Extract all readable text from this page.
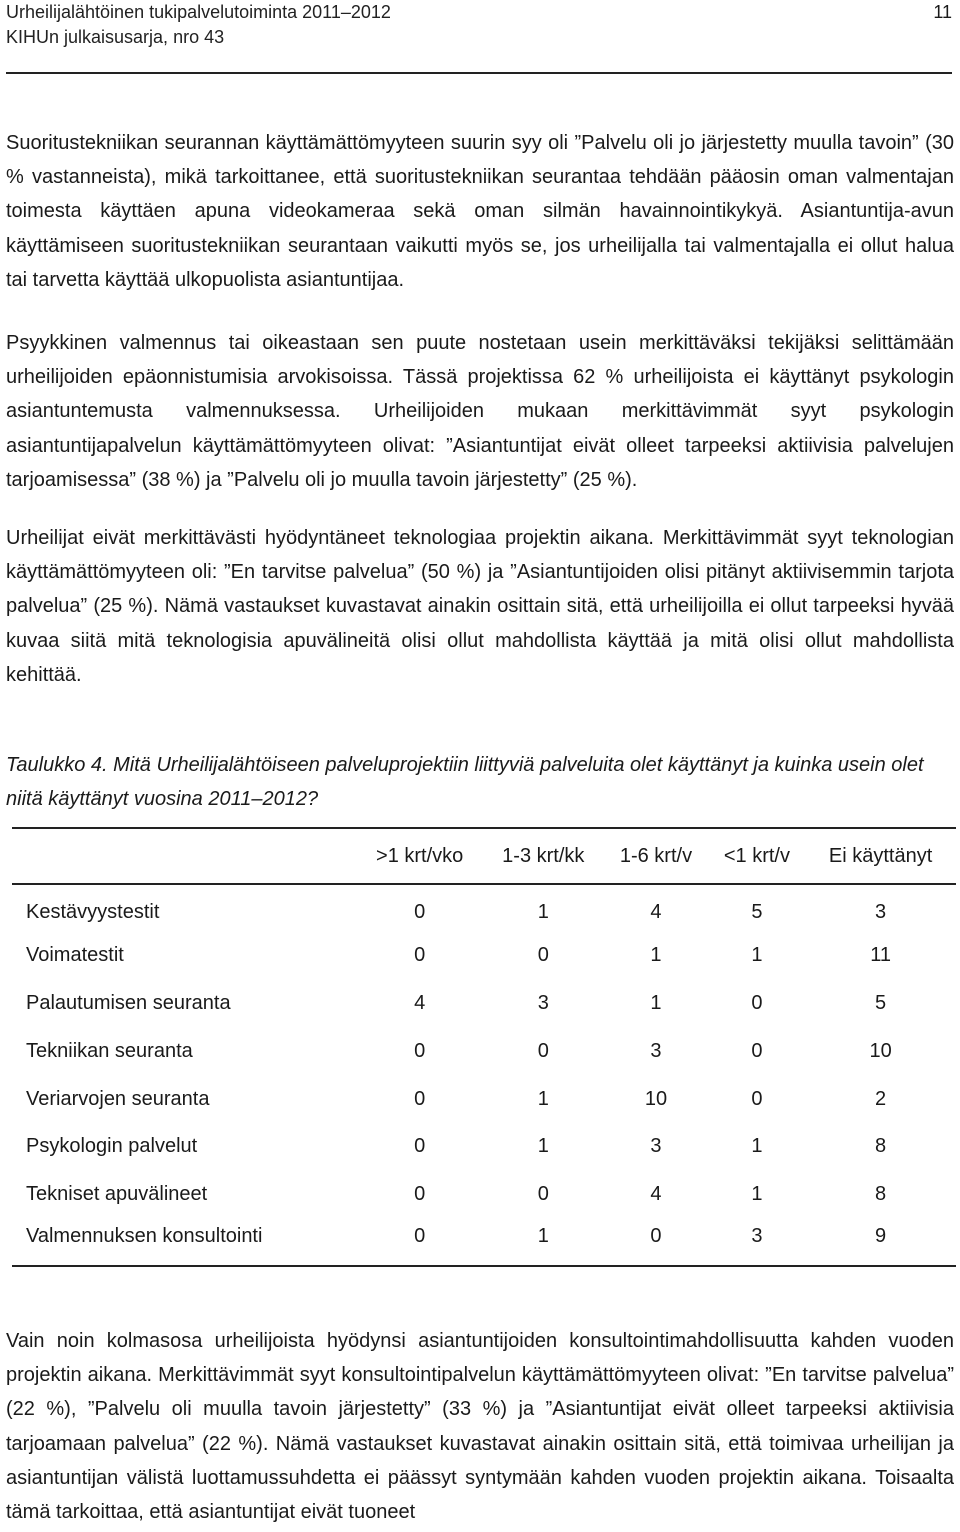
Urheilijalähtöinen tukipalvelutoiminta 2011–2012
KIHUn julkaisusarja, nro 43
11

Suoritustekniikan seurannan käyttämättömyyteen suurin syy oli ”Palvelu oli jo järjestetty muulla tavoin” (30 % vastanneista), mikä tarkoittanee, että suoritustekniikan seurantaa tehdään pääosin oman valmentajan toimesta käyttäen apuna videokameraa sekä oman silmän havainnointikykyä. Asiantuntija-avun käyttämiseen suoritustekniikan seurantaan vaikutti myös se, jos urheilijalla tai valmentajalla ei ollut halua tai tarvetta käyttää ulkopuolista asiantuntijaa.

Psyykkinen valmennus tai oikeastaan sen puute nostetaan usein merkittäväksi tekijäksi selittämään urheilijoiden epäonnistumisia arvokisoissa. Tässä projektissa 62 % urheilijoista ei käyttänyt psykologin asiantuntemusta valmennuksessa. Urheilijoiden mukaan merkittävimmät syyt psykologin asiantuntijapalvelun käyttämättömyyteen olivat: ”Asiantuntijat eivät olleet tarpeeksi aktiivisia palvelujen tarjoamisessa” (38 %) ja ”Palvelu oli jo muulla tavoin järjestetty” (25 %).

Urheilijat eivät merkittävästi hyödyntäneet teknologiaa projektin aikana. Merkittävimmät syyt teknologian käyttämättömyyteen oli: ”En tarvitse palvelua” (50 %) ja ”Asiantuntijoiden olisi pitänyt aktiivisemmin tarjota palvelua” (25 %). Nämä vastaukset kuvastavat ainakin osittain sitä, että urheilijoilla ei ollut tarpeeksi hyvää kuvaa siitä mitä teknologisia apuvälineitä olisi ollut mahdollista käyttää ja mitä olisi ollut mahdollista kehittää.

Taulukko 4. Mitä Urheilijalähtöiseen palveluprojektiin liittyviä palveluita olet käyttänyt ja kuinka usein olet niitä käyttänyt vuosina 2011–2012?
	>1 krt/vko	1-3 krt/kk	1-6 krt/v	<1 krt/v	Ei käyttänyt
Kestävyystestit	0	1	4	5	3
Voimatestit	0	0	1	1	11
Palautumisen seuranta	4	3	1	0	5
Tekniikan seuranta	0	0	3	0	10
Veriarvojen seuranta	0	1	10	0	2
Psykologin palvelut	0	1	3	1	8
Tekniset apuvälineet	0	0	4	1	8
Valmennuksen konsultointi	0	1	0	3	9

Vain noin kolmasosa urheilijoista hyödynsi asiantuntijoiden konsultointimahdollisuutta kahden vuoden projektin aikana. Merkittävimmät syyt konsultointipalvelun käyttämättömyyteen olivat: ”En tarvitse palvelua” (22 %), ”Palvelu oli muulla tavoin järjestetty” (33 %) ja ”Asiantuntijat eivät olleet tarpeeksi aktiivisia tarjoamaan palvelua” (22 %). Nämä vastaukset kuvastavat ainakin osittain sitä, että toimivaa urheilijan ja asiantuntijan välistä luottamussuhdetta ei päässyt syntymään kahden vuoden projektin aikana. Toisaalta tämä tarkoittaa, että asiantuntijat eivät tuoneet
